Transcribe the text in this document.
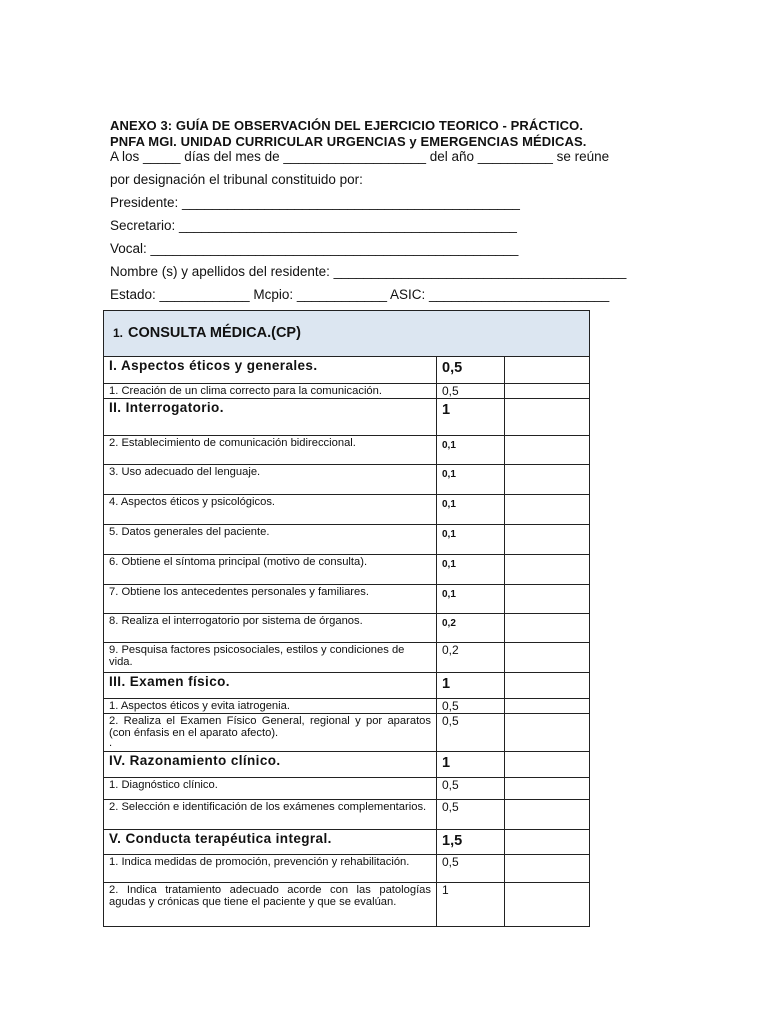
ANEXO 3: GUÍA DE OBSERVACIÓN DEL EJERCICIO TEORICO - PRÁCTICO.
PNFA MGI. UNIDAD CURRICULAR URGENCIAS y EMERGENCIAS MÉDICAS.
A los _____ días del mes de ___________________ del año __________ se reúne
por designación el tribunal constituido por:
Presidente: _____________________________________________
Secretario: _____________________________________________
Vocal: _________________________________________________
Nombre (s) y apellidos del residente: _______________________________________
Estado: ____________ Mcpio: ____________ ASIC: ________________________
1. CONSULTA MÉDICA.(CP)		
I. Aspectos éticos y generales.	0,5	
1. Creación de un clima correcto para la comunicación.	0,5	
II. Interrogatorio.	1	
2. Establecimiento de comunicación bidireccional.	0,1	
3. Uso adecuado del lenguaje.	0,1	
4. Aspectos éticos y psicológicos.	0,1	
5. Datos generales del paciente.	0,1	
6. Obtiene el síntoma principal (motivo de consulta).	0,1	
7. Obtiene los antecedentes personales y familiares.	0,1	
8. Realiza el interrogatorio por sistema de órganos.	0,2	
9. Pesquisa factores psicosociales, estilos y condiciones de vida.	0,2	
III. Examen físico.	1	
1. Aspectos éticos y evita iatrogenia.	0,5	
2. Realiza el Examen Físico General, regional y por aparatos (con énfasis en el aparato afecto).
.	0,5	
IV. Razonamiento clínico.	1	
1. Diagnóstico clínico.	0,5	
2. Selección e identificación de los exámenes complementarios.	0,5	
V. Conducta terapéutica integral.	1,5	
1. Indica medidas de promoción, prevención y rehabilitación.	0,5	
2. Indica tratamiento adecuado acorde con las patologías agudas y crónicas que tiene el paciente y que se evalúan.	1	
